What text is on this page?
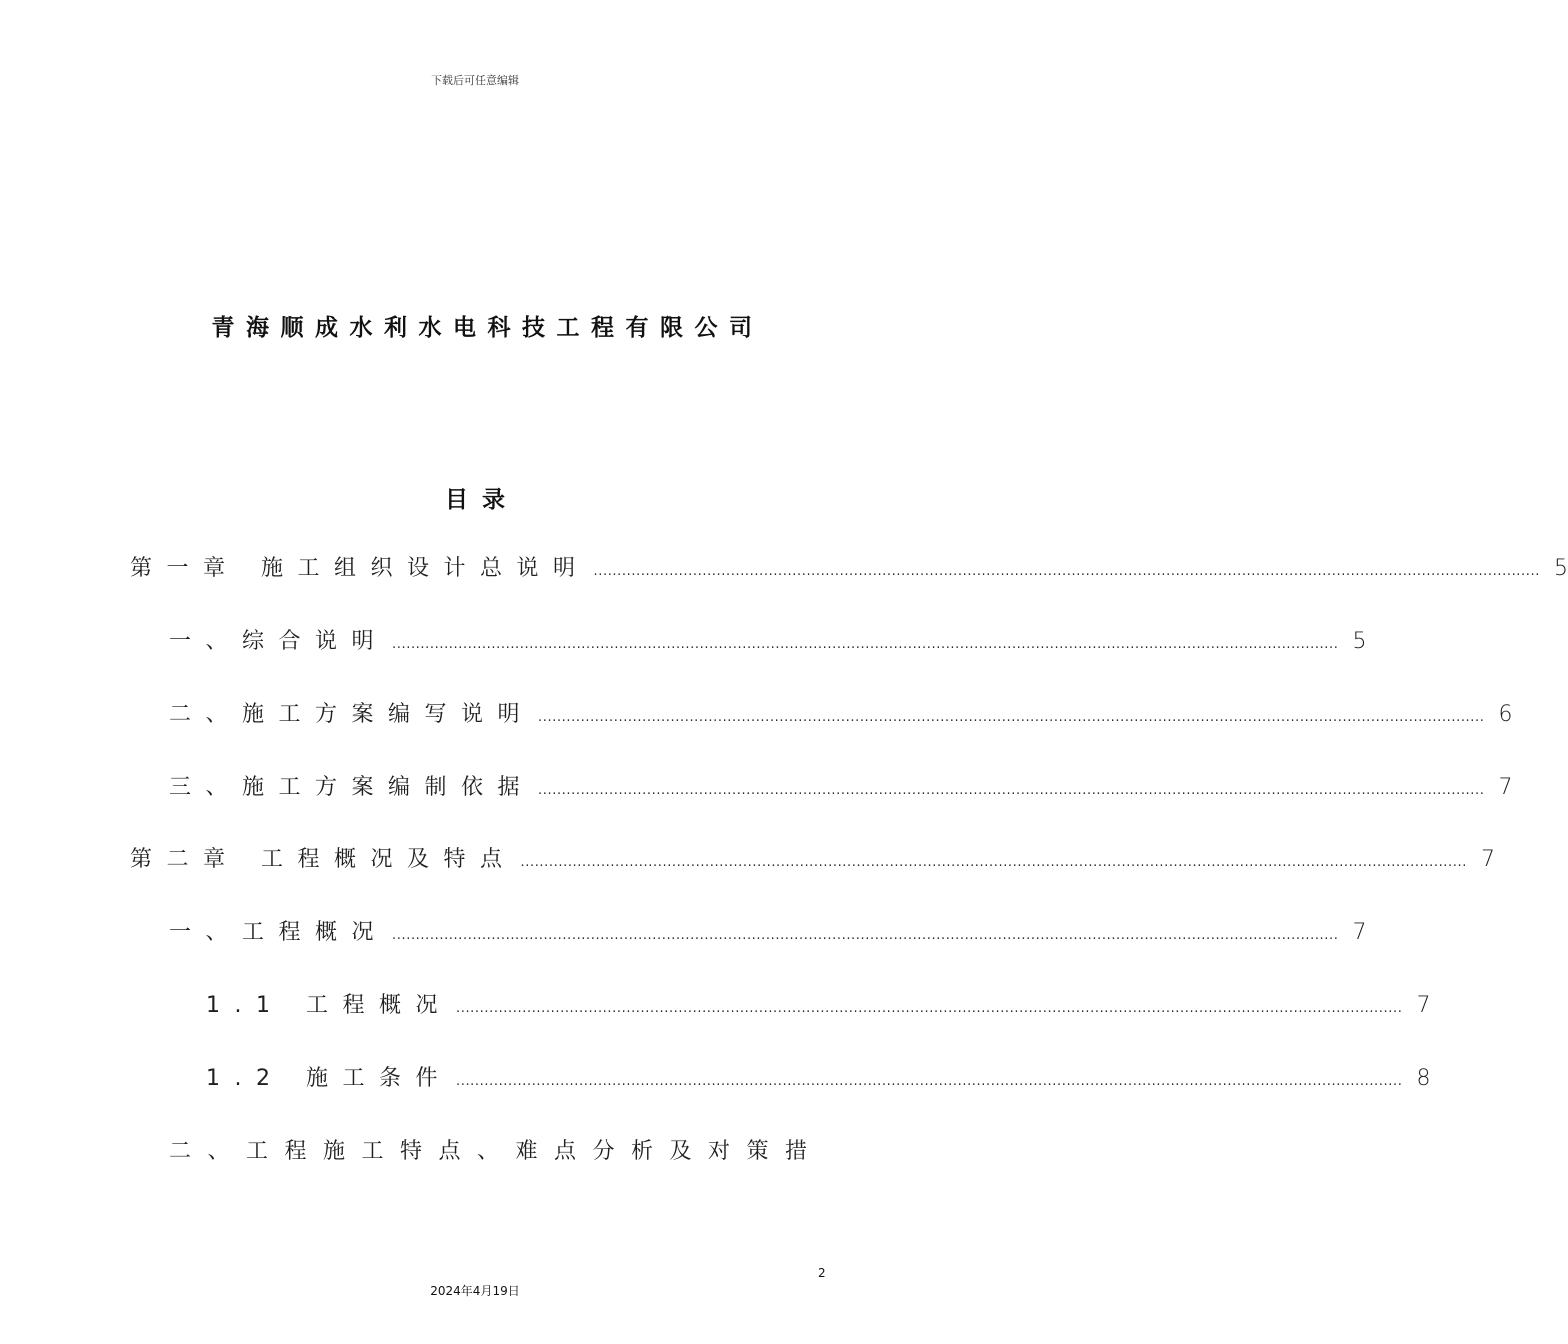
下载后可任意编辑
青海顺成水利水电科技工程有限公司
目录
第一章 施工组织设计总说明 ........................................................................................................................................................................................................ 5
一、综合说明 ........................................................................................................................................................................................................ 5
二、施工方案编写说明 ........................................................................................................................................................................................................ 6
三、施工方案编制依据 ........................................................................................................................................................................................................ 7
第二章 工程概况及特点 ........................................................................................................................................................................................................ 7
一、工程概况 ........................................................................................................................................................................................................ 7
1.1 工程概况 ........................................................................................................................................................................................................ 7
1.2 施工条件 ........................................................................................................................................................................................................ 8
二、工程施工特点、难点分析及对策措
2
2024年4月19日
